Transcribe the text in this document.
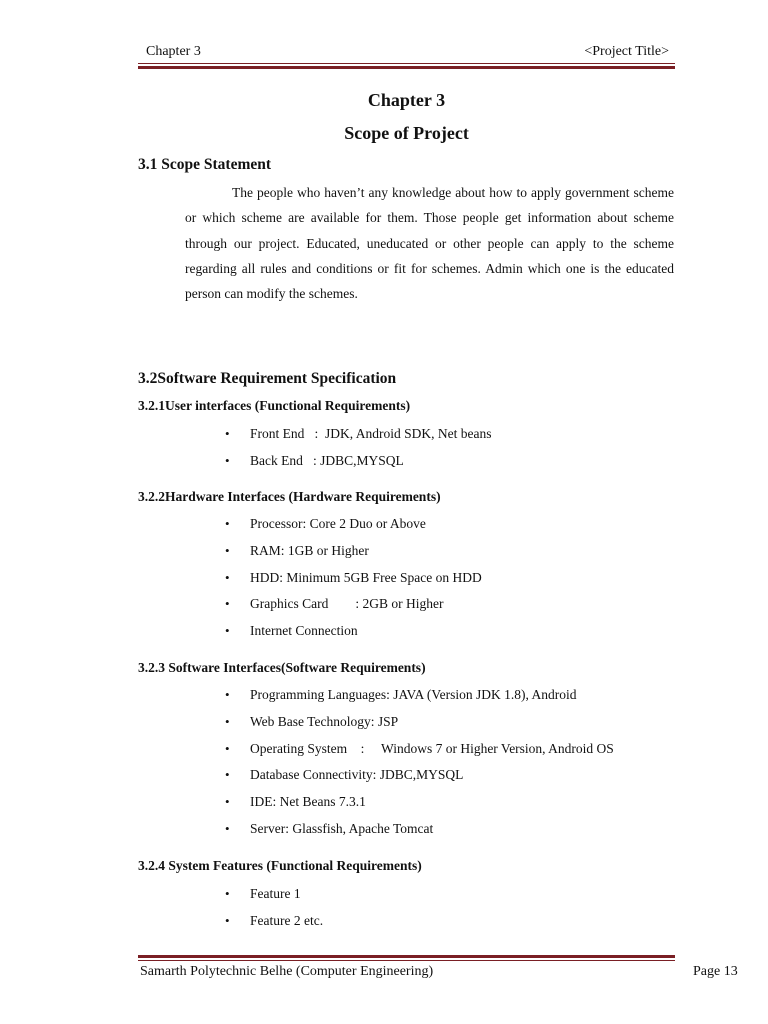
Chapter 3	<Project Title>
Chapter 3
Scope of Project
3.1 Scope Statement

The people who haven’t any knowledge about how to apply government scheme or which scheme are available for them. Those people get information about scheme through our project. Educated, uneducated or other people can apply to the scheme regarding all rules and conditions or fit for schemes. Admin which one is the educated person can modify the schemes.

3.2Software Requirement Specification
3.2.1User interfaces (Functional Requirements)
• Front End   :  JDK, Android SDK, Net beans
• Back End   : JDBC,MYSQL
3.2.2Hardware Interfaces (Hardware Requirements)
• Processor: Core 2 Duo or Above
• RAM: 1GB or Higher
• HDD: Minimum 5GB Free Space on HDD
• Graphics Card        : 2GB or Higher
• Internet Connection
3.2.3 Software Interfaces(Software Requirements)
• Programming Languages: JAVA (Version JDK 1.8), Android
• Web Base Technology: JSP
• Operating System    :     Windows 7 or Higher Version, Android OS
• Database Connectivity: JDBC,MYSQL
• IDE: Net Beans 7.3.1
• Server: Glassfish, Apache Tomcat
3.2.4 System Features (Functional Requirements)
• Feature 1
• Feature 2 etc.
Samarth Polytechnic Belhe (Computer Engineering)	Page 13
